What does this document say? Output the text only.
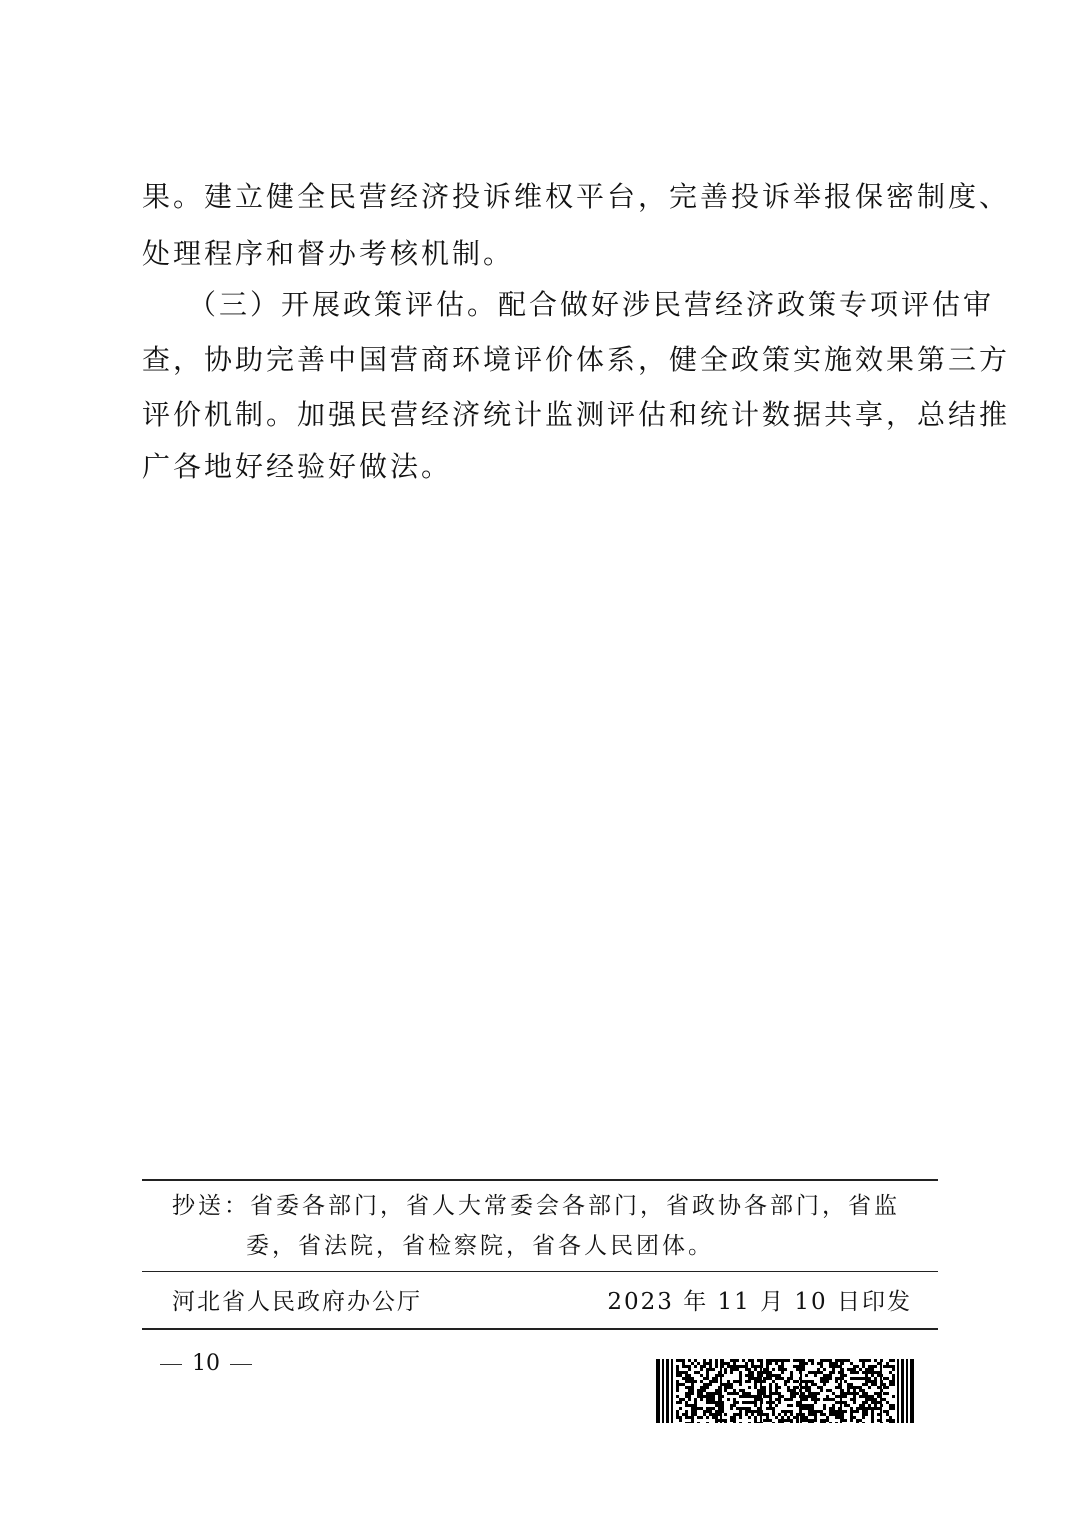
果。建立健全民营经济投诉维权平台，完善投诉举报保密制度、
处理程序和督办考核机制。
（三）开展政策评估。配合做好涉民营经济政策专项评估审
查，协助完善中国营商环境评价体系，健全政策实施效果第三方
评价机制。加强民营经济统计监测评估和统计数据共享，总结推
广各地好经验好做法。
抄送：省委各部门，省人大常委会各部门，省政协各部门，省监
委，省法院，省检察院，省各人民团体。
河北省人民政府办公厅	2023 年 11 月 10 日印发
10
